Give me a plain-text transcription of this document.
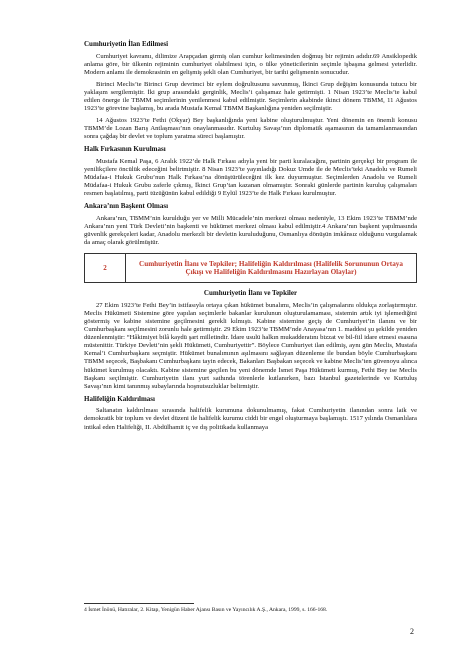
Cumhuriyetin İlan Edilmesi

Cumhuriyet kavramı, dilimize Arapçadan girmiş olan cumhur kelimesinden doğmuş bir rejimin adıdır.69 Ansiklopedik anlama göre, bir ülkenin rejiminin cumhuriyet olabilmesi için, o ülke yöneticilerinin seçimle işbaşına gelmesi yeterlidir. Modern anlamı ile demokrasinin en gelişmiş şekli olan Cumhuriyet, bir tarihi gelişmenin sonucudur.

Birinci Meclis’te Birinci Grup devrimci bir eylem doğrultusunu savunmuş, İkinci Grup değişim konusunda tutucu bir yaklaşım sergilemiştir. İki grup arasındaki gerginlik, Meclis’i çalışamaz hale getirmişti. 1 Nisan 1923’te Meclis’te kabul edilen önerge ile TBMM seçimlerinin yenilenmesi kabul edilmiştir. Seçimlerin akabinde ikinci dönem TBMM, 11 Ağustos 1923’te görevine başlamış, bu arada Mustafa Kemal TBMM Başkanlığına yeniden seçilmiştir.

14 Ağustos 1923’te Fethi (Okyar) Bey başkanlığında yeni kabine oluşturulmuştur. Yeni dönemin en önemli konusu TBMM’de Lozan Barış Antlaşması’nın onaylanmasıdır. Kurtuluş Savaşı’nın diplomatik aşamasının da tamamlanmasından sonra çağdaş bir devlet ve toplum yaratma süreci başlamıştır.

Halk Fırkasının Kurulması

Mustafa Kemal Paşa, 6 Aralık 1922’de Halk Fırkası adıyla yeni bir parti kuralacağını, partinin gerçekçi bir program ile yenilikçilere öncülük edeceğini belirtmiştir. 8 Nisan 1923’te yayınladığı Dokuz Umde ile de Meclis’teki Anadolu ve Rumeli Müdafaa-i Hukuk Grubu’nun Halk Fırkası’na dönüştürüleceğini ilk kez duyurmuştur. Seçimlerden Anadolu ve Rumeli Müdafaa-i Hukuk Grubu zaferle çıkmış, İkinci Grup’tan kazanan olmamıştır. Sonraki günlerde partinin kuruluş çalışmaları resmen başlatılmış, parti tüzüğünün kabul edildiği 9 Eylül 1923’te de Halk Fırkası kurulmuştur.

Ankara’nın Başkent Olması

Ankara’nın, TBMM’nin kurulduğu yer ve Milli Mücadele’nin merkezi olması nedeniyle, 13 Ekim 1923’te TBMM’nde Ankara’nın yeni Türk Devleti’nin başkenti ve hükümet merkezi olması kabul edilmiştir.4 Ankara’nın başkent yapılmasında güvenlik gerekçeleri kadar, Anadolu merkezli bir devletin kuruluduğunu, Osmanlıya dönüşün imkânsız olduğunu vurgulamak da amaç olarak görülmüştür.

2
Cumhuriyetin İlanı ve Tepkiler; Halifeliğin Kaldırılması (Halifelik Sorununun Ortaya Çıkışı ve Halifeliğin Kaldırılmasını Hazırlayan Olaylar)
Cumhuriyetin İlanı ve Tepkiler

27 Ekim 1923’te Fethi Bey’in istifasıyla ortaya çıkan hükümet bunalımı, Meclis’in çalışmalarını oldukça zorlaştırmıştır. Meclis Hükümeti Sistemine göre yapılan seçimlerle bakanlar kurulunun oluşturulamaması, sistemin artık iyi işlemediğini göstermiş ve kabine sistemine geçilmesini gerekli kılmıştı. Kabine sistemine geçiş de Cumhuriyet’in ilanını ve bir Cumhurbaşkanı seçilmesini zorunlu hale getirmiştir. 29 Ekim 1923’te TBMM’nde Anayasa’nın 1. maddesi şu şekilde yeniden düzenlenmiştir: “Hâkimiyet bilâ kaydü şart milletindir. İdare usulü halkın mukadderatını bizzat ve bil-fiil idare etmesi esasına müstenittir. Türkiye Devleti’nin şekli Hükümeti, Cumhuriyettir”. Böylece Cumhuriyet ilan edilmiş, aynı gün Meclis, Mustafa Kemal’i Cumhurbaşkanı seçmiştir. Hükümet bunalımının aşılmasını sağlayan düzenleme ile bundan böyle Cumhurbaşkanı TBMM seçecek, Başbakanı Cumhurbaşkanı tayin edecek, Bakanları Başbakan seçecek ve kabine Meclis’ten güvenoyu alınca hükümet kurulmuş olacaktı. Kabine sistemine geçilen bu yeni dönemde İsmet Paşa Hükümeti kurmuş, Fethi Bey ise Meclis Başkanı seçilmiştir. Cumhuriyetin ilanı yurt sathında törenlerle kutlanırken, bazı İstanbul gazetelerinde ve Kurtuluş Savaşı’nın kimi tanınmış subaylarında hoşnutsuzluklar belirmiştir.

Halifeliğin Kaldırılması

Saltanatın kaldırılması sırasında halifelik kurumuna dokunulmamış, fakat Cumhuriyetin ilanından sonra laik ve demokratik bir toplum ve devlet düzeni ile halifelik kurumu ciddi bir engel oluşturmaya başlamıştı. 1517 yılında Osmanlılara intikal eden Halifeliği, II. Abdülhamit iç ve dış politikada kullanmaya

4 İsmet İnönü, Hatıralar, 2. Kitap, Yenigün Haber Ajansı Basın ve Yayıncılık A.Ş., Ankara, 1999, s. 166-168.
2
